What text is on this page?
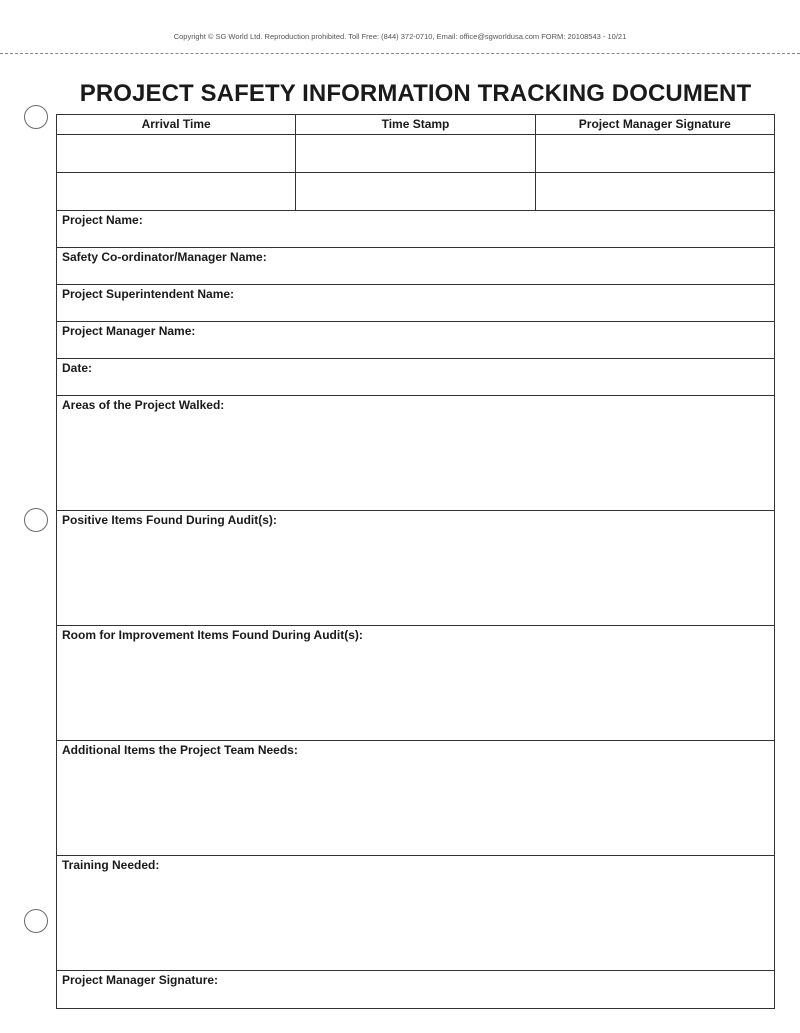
Copyright © SG World Ltd. Reproduction prohibited. Toll Free: (844) 372-0710, Email: office@sgworldusa.com FORM: 20108543 - 10/21
PROJECT SAFETY INFORMATION TRACKING DOCUMENT
Arrival Time	Time Stamp	Project Manager Signature
Project Name:
Safety Co-ordinator/Manager Name:
Project Superintendent Name:
Project Manager Name:
Date:
Areas of the Project Walked:
Positive Items Found During Audit(s):
Room for Improvement Items Found During Audit(s):
Additional Items the Project Team Needs:
Training Needed:
Project Manager Signature:
